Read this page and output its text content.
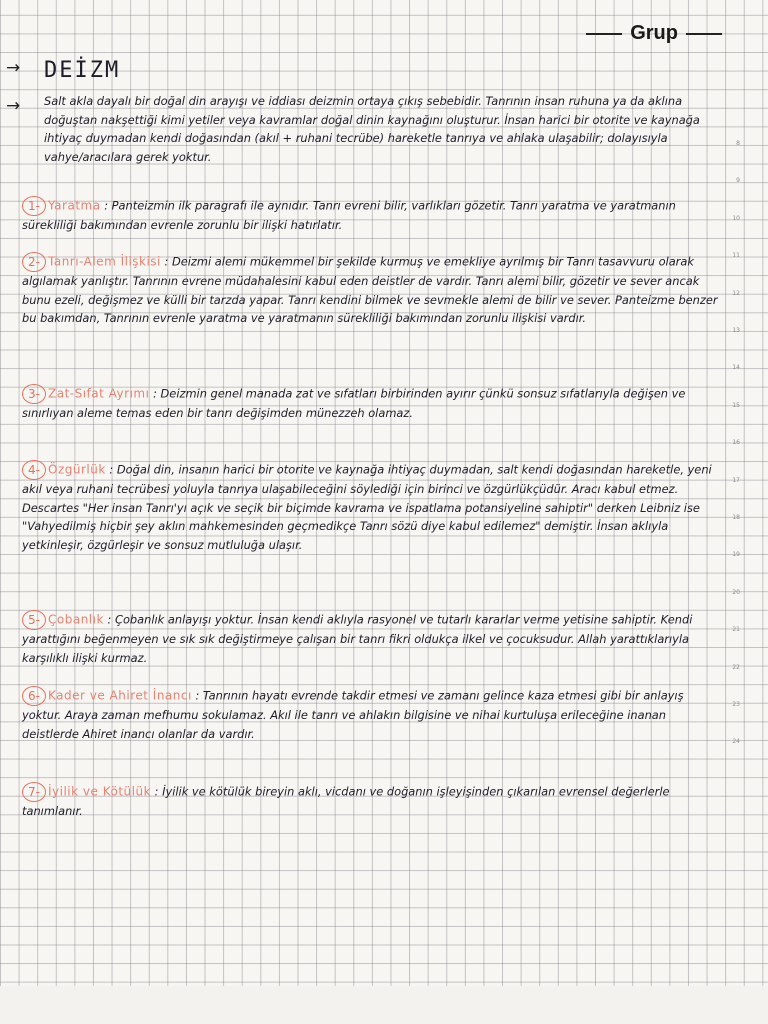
Grup
→
→
DEİZM
Salt akla dayalı bir doğal din arayışı ve iddiası deizmin ortaya çıkış sebebidir. Tanrının insan ruhuna ya da aklına doğuştan nakşettiği kimi yetiler veya kavramlar doğal dinin kaynağını oluşturur. İnsan harici bir otorite ve kaynağa ihtiyaç duymadan kendi doğasından (akıl + ruhani tecrübe) hareketle tanrıya ve ahlaka ulaşabilir; dolayısıyla vahye/aracılara gerek yoktur.
1- Yaratma : Panteizmin ilk paragrafı ile aynıdır. Tanrı evreni bilir, varlıkları gözetir. Tanrı yaratma ve yaratmanın sürekliliği bakımından evrenle zorunlu bir ilişki hatırlatır.
2- Tanrı-Alem İlişkisi : Deizmi alemi mükemmel bir şekilde kurmuş ve emekliye ayrılmış bir Tanrı tasavvuru olarak algılamak yanlıştır. Tanrının evrene müdahalesini kabul eden deistler de vardır. Tanrı alemi bilir, gözetir ve sever ancak bunu ezeli, değişmez ve külli bir tarzda yapar. Tanrı kendini bilmek ve sevmekle alemi de bilir ve sever. Panteizme benzer bu bakımdan, Tanrının evrenle yaratma ve yaratmanın sürekliliği bakımından zorunlu ilişkisi vardır.
3- Zat-Sıfat Ayrımı : Deizmin genel manada zat ve sıfatları birbirinden ayırır çünkü sonsuz sıfatlarıyla değişen ve sınırlıyan aleme temas eden bir tanrı değişimden münezzeh olamaz.
4- Özgürlük : Doğal din, insanın harici bir otorite ve kaynağa ihtiyaç duymadan, salt kendi doğasından hareketle, yeni akıl veya ruhani tecrübesi yoluyla tanrıya ulaşabileceğini söylediği için birinci ve özgürlükçüdür. Aracı kabul etmez. Descartes "Her insan Tanrı'yı açık ve seçik bir biçimde kavrama ve ispatlama potansiyeline sahiptir" derken Leibniz ise "Vahyedilmiş hiçbir şey aklın mahkemesinden geçmedikçe Tanrı sözü diye kabul edilemez" demiştir. İnsan aklıyla yetkinleşir, özgürleşir ve sonsuz mutluluğa ulaşır.
5- Çobanlık : Çobanlık anlayışı yoktur. İnsan kendi aklıyla rasyonel ve tutarlı kararlar verme yetisine sahiptir. Kendi yarattığını beğenmeyen ve sık sık değiştirmeye çalışan bir tanrı fikri oldukça ilkel ve çocuksudur. Allah yarattıklarıyla karşılıklı ilişki kurmaz.
6- Kader ve Ahiret İnancı : Tanrının hayatı evrende takdir etmesi ve zamanı gelince kaza etmesi gibi bir anlayış yoktur. Araya zaman mefhumu sokulamaz. Akıl ile tanrı ve ahlakın bilgisine ve nihai kurtuluşa erileceğine inanan deistlerde Ahiret inancı olanlar da vardır.
7- İyilik ve Kötülük : İyilik ve kötülük bireyin aklı, vicdanı ve doğanın işleyişinden çıkarılan evrensel değerlerle tanımlanır.
8
9
10
11
12
13
14
15
16
17
18
19
20
21
22
23
24
